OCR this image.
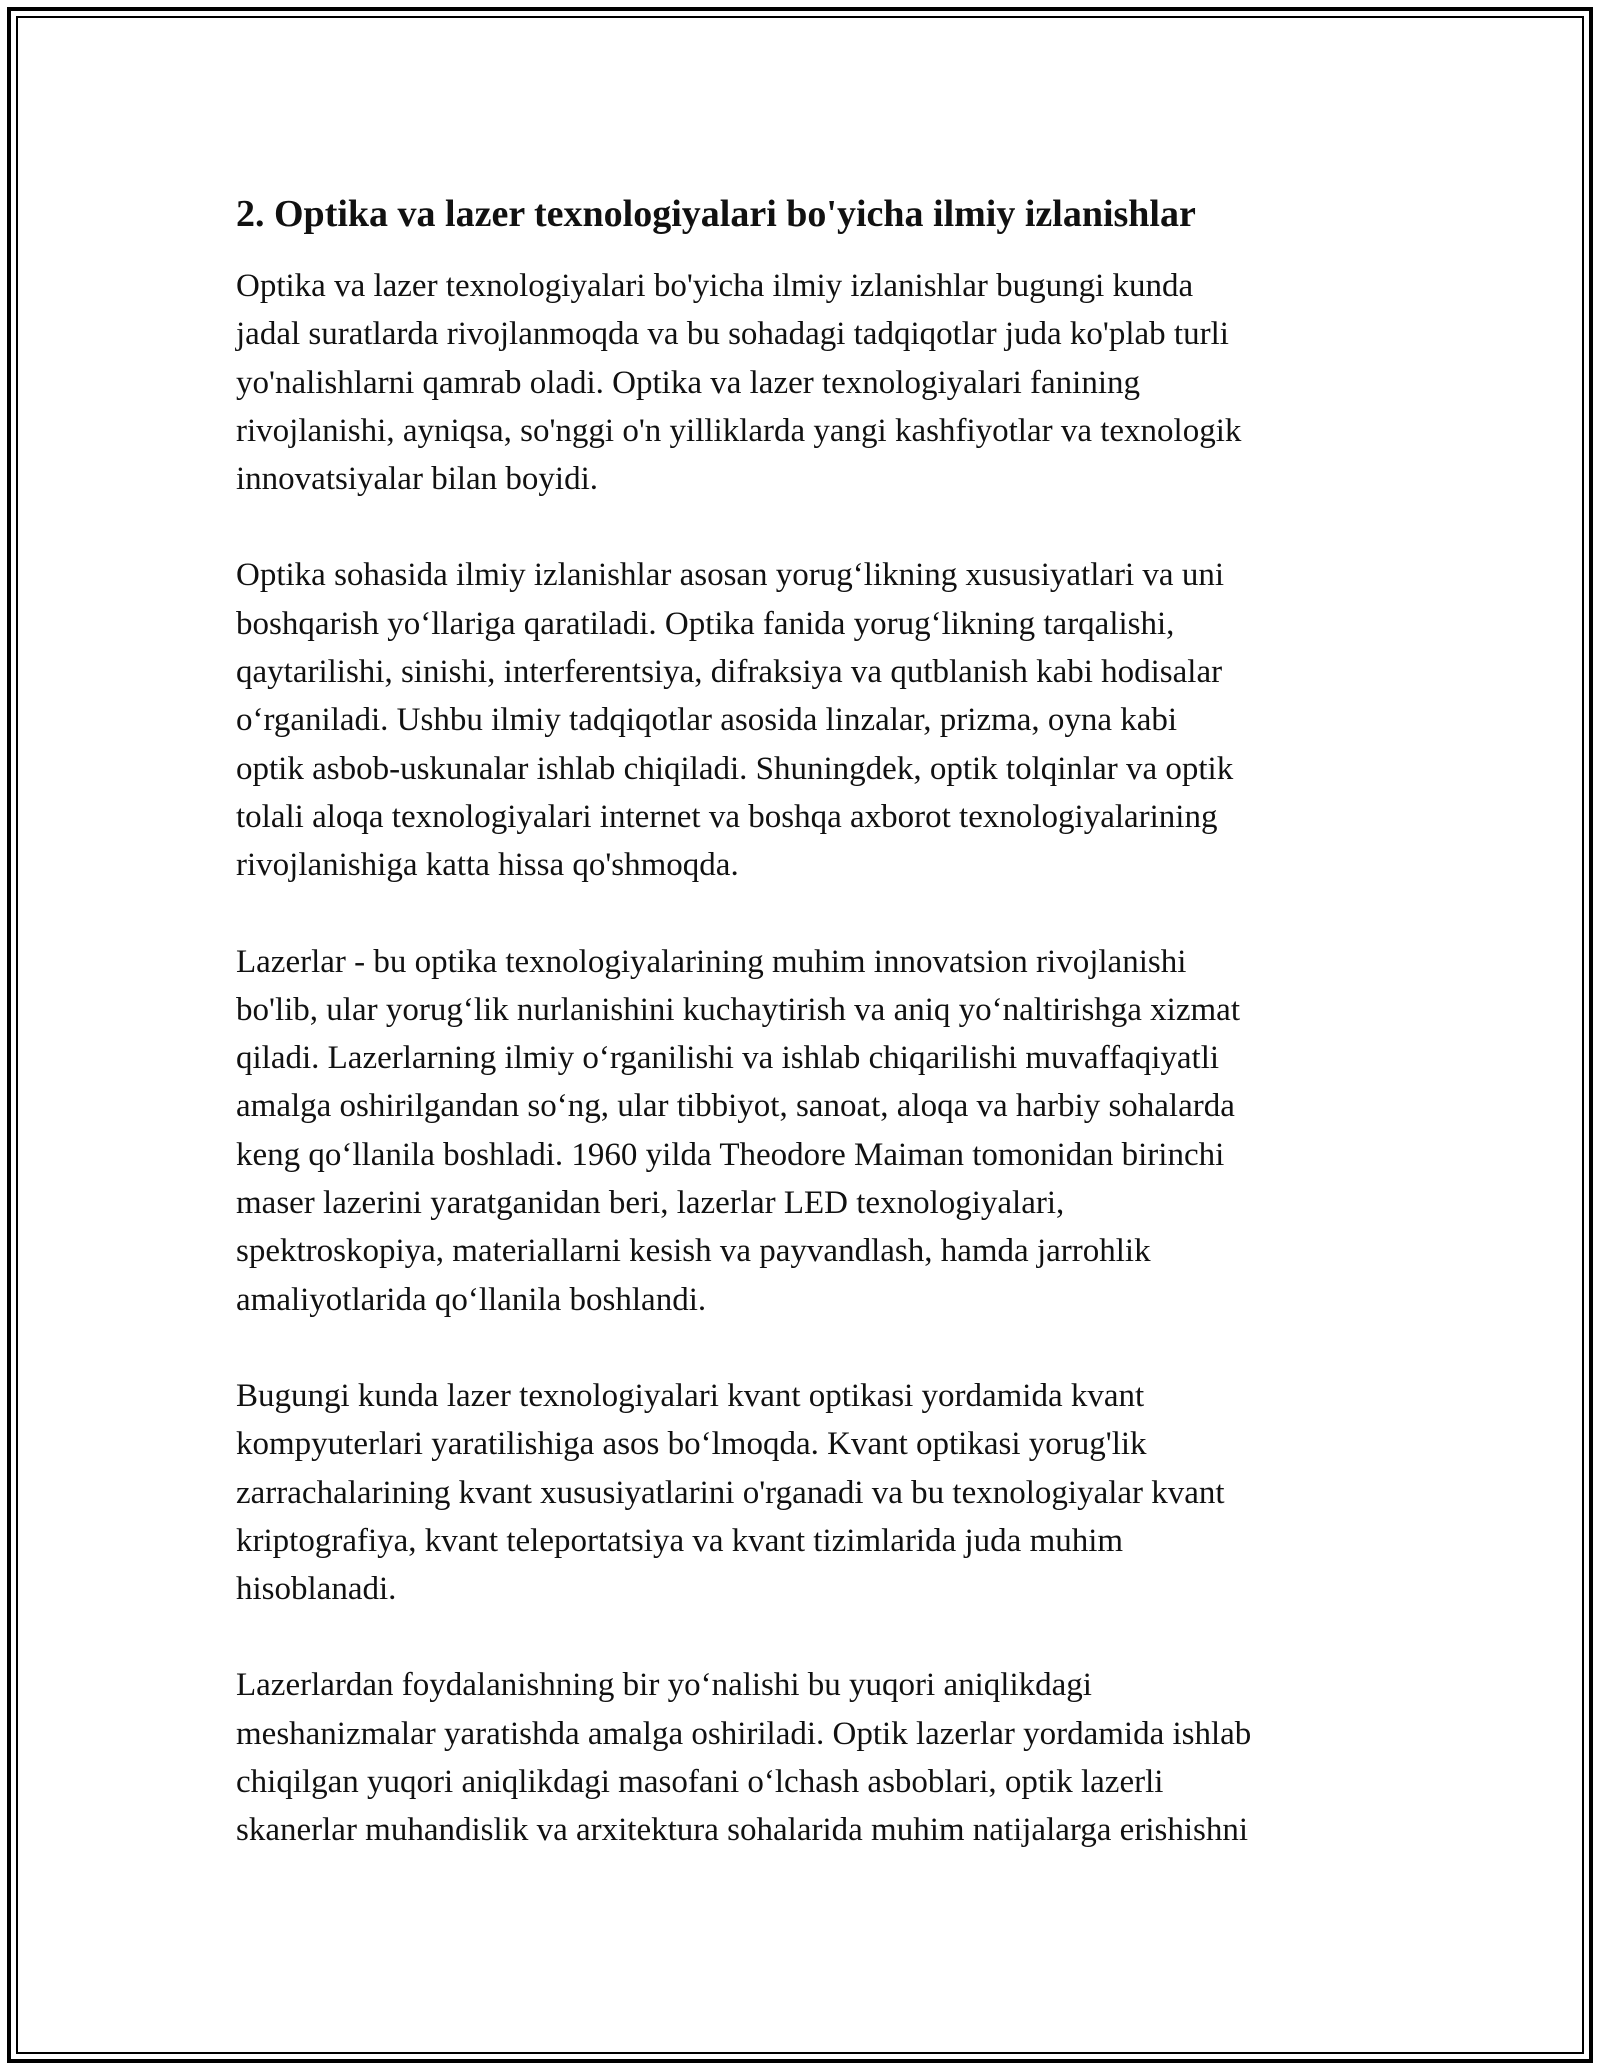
2. Optika va lazer texnologiyalari bo'yicha ilmiy izlanishlar

Optika va lazer texnologiyalari bo'yicha ilmiy izlanishlar bugungi kunda
jadal suratlarda rivojlanmoqda va bu sohadagi tadqiqotlar juda ko'plab turli
yo'nalishlarni qamrab oladi. Optika va lazer texnologiyalari fanining
rivojlanishi, ayniqsa, so'nggi o'n yilliklarda yangi kashfiyotlar va texnologik
innovatsiyalar bilan boyidi.

Optika sohasida ilmiy izlanishlar asosan yorugʻlikning xususiyatlari va uni
boshqarish yoʻllariga qaratiladi. Optika fanida yorugʻlikning tarqalishi,
qaytarilishi, sinishi, interferentsiya, difraksiya va qutblanish kabi hodisalar
oʻrganiladi. Ushbu ilmiy tadqiqotlar asosida linzalar, prizma, oyna kabi
optik asbob-uskunalar ishlab chiqiladi. Shuningdek, optik tolqinlar va optik
tolali aloqa texnologiyalari internet va boshqa axborot texnologiyalarining
rivojlanishiga katta hissa qo'shmoqda.

Lazerlar - bu optika texnologiyalarining muhim innovatsion rivojlanishi
bo'lib, ular yorugʻlik nurlanishini kuchaytirish va aniq yoʻnaltirishga xizmat
qiladi. Lazerlarning ilmiy oʻrganilishi va ishlab chiqarilishi muvaffaqiyatli
amalga oshirilgandan soʻng, ular tibbiyot, sanoat, aloqa va harbiy sohalarda
keng qoʻllanila boshladi. 1960 yilda Theodore Maiman tomonidan birinchi
maser lazerini yaratganidan beri, lazerlar LED texnologiyalari,
spektroskopiya, materiallarni kesish va payvandlash, hamda jarrohlik
amaliyotlarida qoʻllanila boshlandi.

Bugungi kunda lazer texnologiyalari kvant optikasi yordamida kvant
kompyuterlari yaratilishiga asos boʻlmoqda. Kvant optikasi yorug'lik
zarrachalarining kvant xususiyatlarini o'rganadi va bu texnologiyalar kvant
kriptografiya, kvant teleportatsiya va kvant tizimlarida juda muhim
hisoblanadi.

Lazerlardan foydalanishning bir yoʻnalishi bu yuqori aniqlikdagi
meshanizmalar yaratishda amalga oshiriladi. Optik lazerlar yordamida ishlab
chiqilgan yuqori aniqlikdagi masofani oʻlchash asboblari, optik lazerli
skanerlar muhandislik va arxitektura sohalarida muhim natijalarga erishishni
